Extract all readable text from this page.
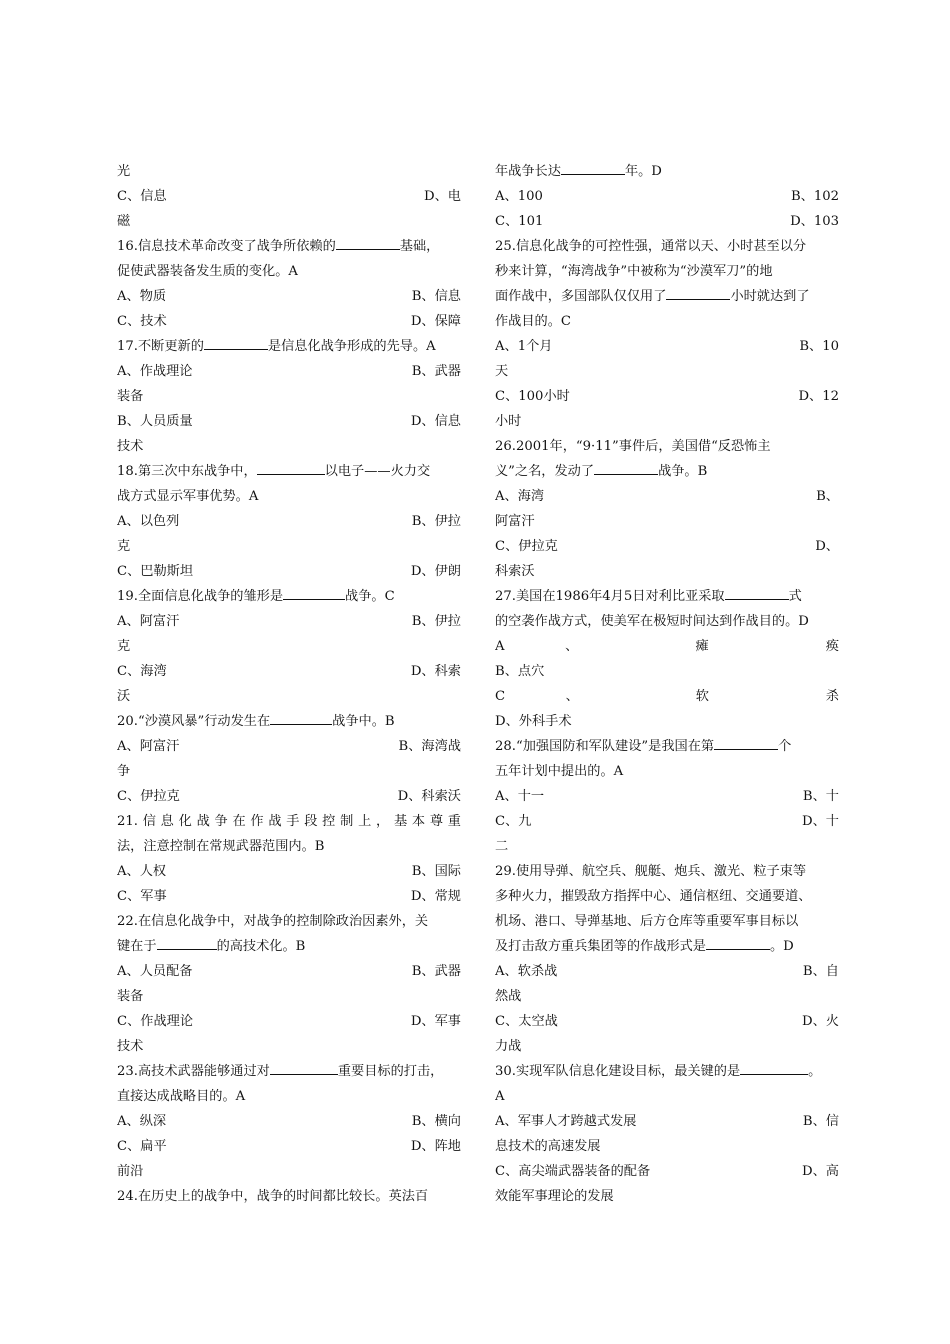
光
C、信息	D、电
磁
16.信息技术革命改变了战争所依赖的	基础，
促使武器装备发生质的变化。A
A、物质	B、信息
C、技术	D、保障
17.不断更新的	是信息化战争形成的先导。A
A、作战理论	B、武器
装备
B、人员质量	D、信息
技术
18.第三次中东战争中，	以电子——火力交
战方式显示军事优势。A
A、以色列	B、伊拉
克
C、巴勒斯坦	D、伊朗
19.全面信息化战争的雏形是	战争。C
A、阿富汗	B、伊拉
克
C、海湾	D、科索
沃
20.“沙漠风暴”行动发生在	战争中。B
A、阿富汗	B、海湾战
争
C、伊拉克	D、科索沃
21.信息化战争在作战手段控制上，基本尊重
法，注意控制在常规武器范围内。B
A、人权	B、国际
C、军事	D、常规
22.在信息化战争中，对战争的控制除政治因素外，关
键在于	的高技术化。B
A、人员配备	B、武器
装备
C、作战理论	D、军事
技术
23.高技术武器能够通过对	重要目标的打击，
直接达成战略目的。A
A、纵深	B、横向
C、扁平	D、阵地
前沿
24.在历史上的战争中，战争的时间都比较长。英法百
年战争长达	年。D
A、100	B、102
C、101	D、103
25.信息化战争的可控性强，通常以天、小时甚至以分
秒来计算，“海湾战争”中被称为“沙漠军刀”的地
面作战中，多国部队仅仅用了	小时就达到了
作战目的。C
A、1个月	B、10
天
C、100小时	D、12
小时
26.2001年，“9·11”事件后，美国借“反恐怖主
义”之名，发动了	战争。B
A、海湾	B、
阿富汗
C、伊拉克	D、
科索沃
27.美国在1986年4月5日对利比亚采取	式
的空袭作战方式，使美军在极短时间达到作战目的。D
A 、 瘫 痪
B、点穴
C 、 软 杀
D、外科手术
28.“加强国防和军队建设”是我国在第	个
五年计划中提出的。A
A、十一	B、十
C、九	D、十
二
29.使用导弹、航空兵、舰艇、炮兵、激光、粒子束等
多种火力，摧毁敌方指挥中心、通信枢纽、交通要道、
机场、港口、导弹基地、后方仓库等重要军事目标以
及打击敌方重兵集团等的作战形式是	。D
A、软杀战	B、自
然战
C、太空战	D、火
力战
30.实现军队信息化建设目标，最关键的是	。
A
A、军事人才跨越式发展	B、信
息技术的高速发展
C、高尖端武器装备的配备	D、高
效能军事理论的发展
